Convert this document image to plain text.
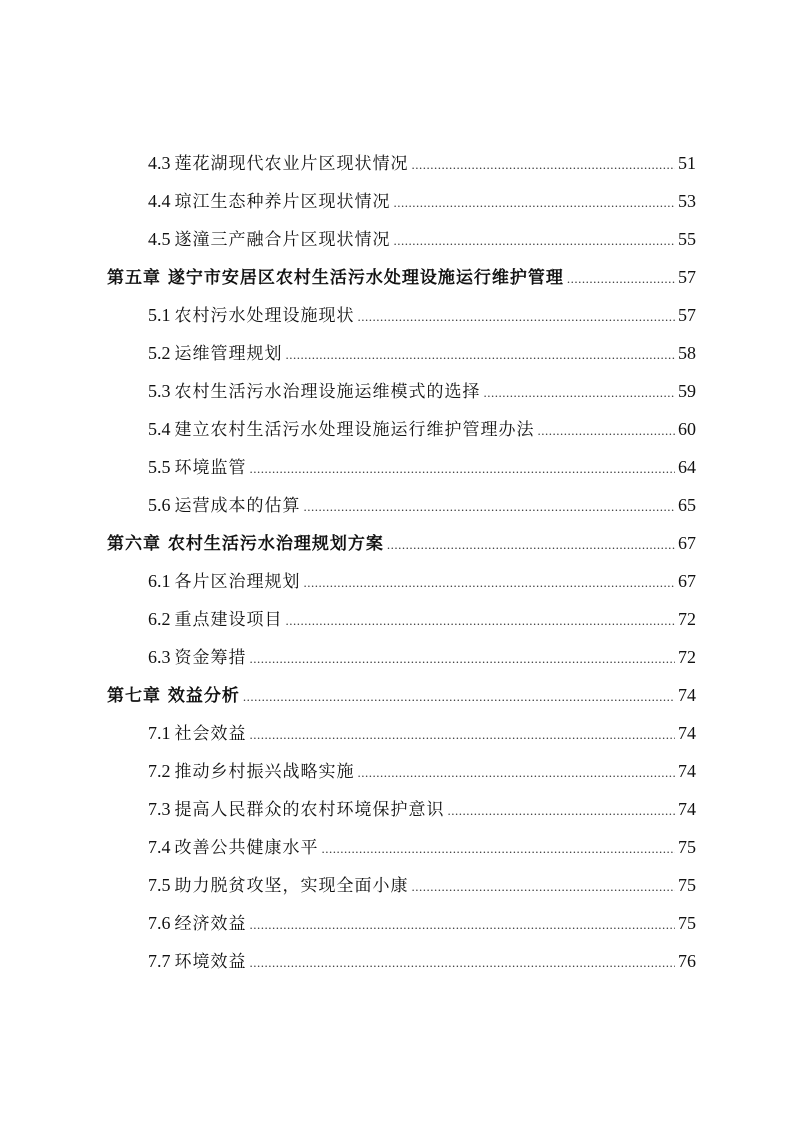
4.3 莲花湖现代农业片区现状情况 .....	51
4.4 琼江生态种养片区现状情况 .....	53
4.5 遂潼三产融合片区现状情况 .....	55
第五章 遂宁市安居区农村生活污水处理设施运行维护管理 .....	57
5.1 农村污水处理设施现状 .....	57
5.2 运维管理规划 .....	58
5.3 农村生活污水治理设施运维模式的选择 .....	59
5.4 建立农村生活污水处理设施运行维护管理办法 .....	60
5.5 环境监管 .....	64
5.6 运营成本的估算 .....	65
第六章 农村生活污水治理规划方案 .....	67
6.1 各片区治理规划 .....	67
6.2 重点建设项目 .....	72
6.3 资金筹措 .....	72
第七章 效益分析 .....	74
7.1 社会效益 .....	74
7.2 推动乡村振兴战略实施 .....	74
7.3 提高人民群众的农村环境保护意识 .....	74
7.4 改善公共健康水平 .....	75
7.5 助力脱贫攻坚，实现全面小康 .....	75
7.6 经济效益 .....	75
7.7 环境效益 .....	76
